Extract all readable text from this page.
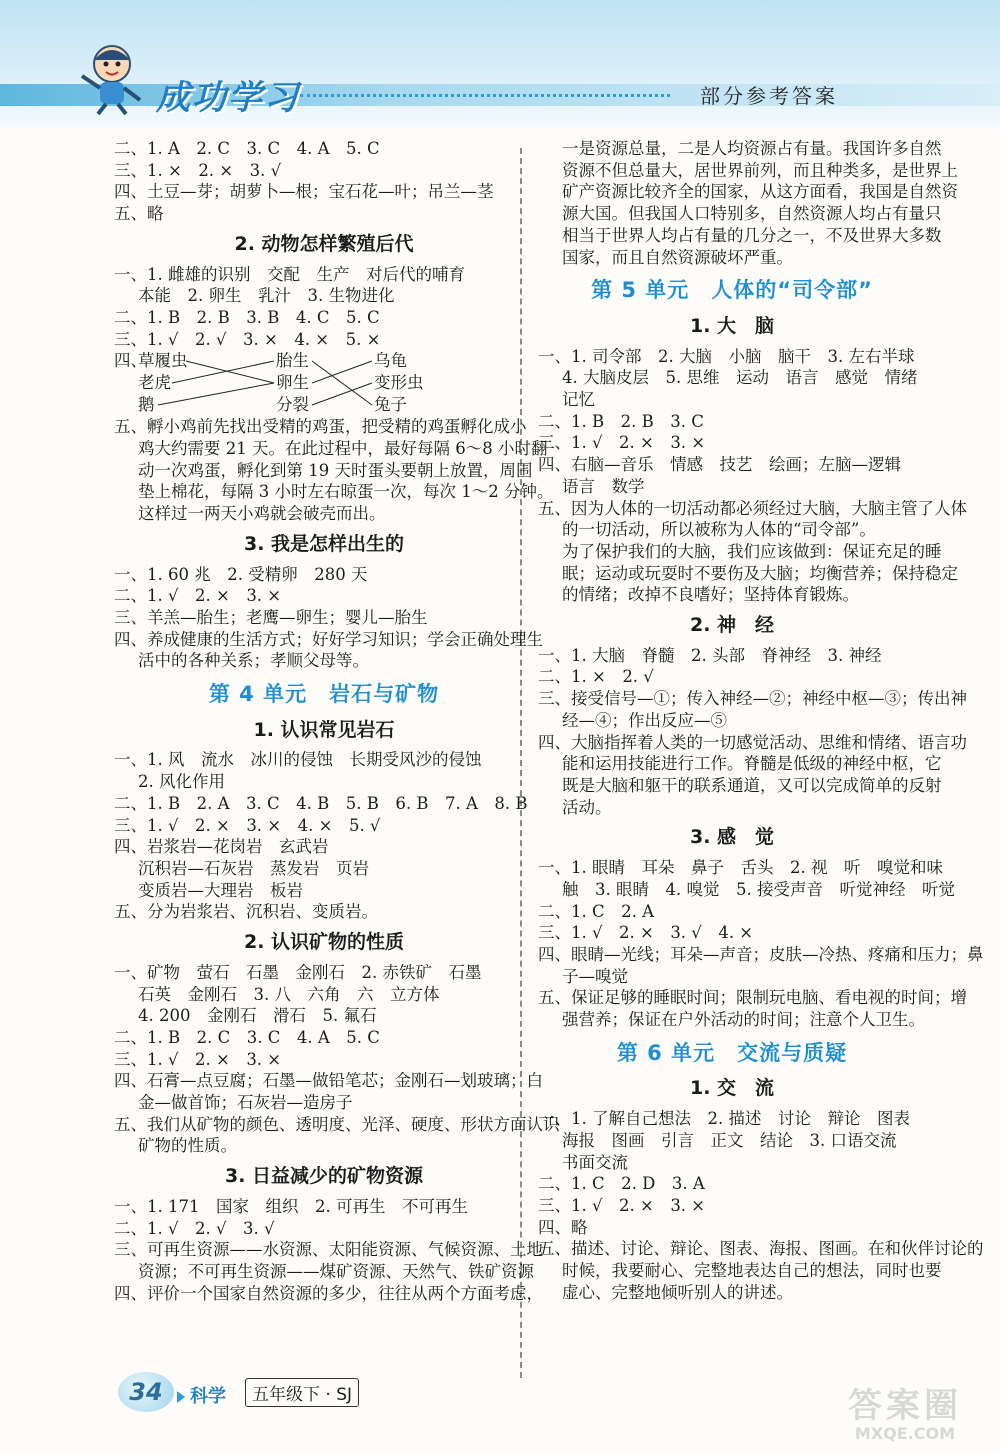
成功学习	部分参考答案
二、1. A　2. C　3. C　4. A　5. C
三、1. ×　2. ×　3. √
四、土豆—芽；胡萝卜—根；宝石花—叶；吊兰—茎
五、略
2. 动物怎样繁殖后代
一、1. 雌雄的识别　交配　生产　对后代的哺育
本能　2. 卵生　乳汁　3. 生物进化
二、1. B　2. B　3. B　4. C　5. C
三、1. √　2. √　3. ×　4. ×　5. ×
四、
草履虫
老虎
鹅
胎生
卵生
分裂
乌龟
变形虫
兔子
五、孵小鸡前先找出受精的鸡蛋，把受精的鸡蛋孵化成小
鸡大约需要 21 天。在此过程中，最好每隔 6～8 小时翻
动一次鸡蛋，孵化到第 19 天时蛋头要朝上放置，周围
垫上棉花，每隔 3 小时左右晾蛋一次，每次 1～2 分钟。
这样过一两天小鸡就会破壳而出。
3. 我是怎样出生的
一、1. 60 兆　2. 受精卵　280 天
二、1. √　2. ×　3. ×
三、羊羔—胎生；老鹰—卵生；婴儿—胎生
四、养成健康的生活方式；好好学习知识；学会正确处理生
活中的各种关系；孝顺父母等。
第 4 单元　岩石与矿物
1. 认识常见岩石
一、1. 风　流水　冰川的侵蚀　长期受风沙的侵蚀
2. 风化作用
二、1. B　2. A　3. C　4. B　5. B　6. B　7. A　8. B
三、1. √　2. ×　3. ×　4. ×　5. √
四、岩浆岩—花岗岩　玄武岩
沉积岩—石灰岩　蒸发岩　页岩
变质岩—大理岩　板岩
五、分为岩浆岩、沉积岩、变质岩。
2. 认识矿物的性质
一、矿物　萤石　石墨　金刚石　2. 赤铁矿　石墨
石英　金刚石　3. 八　六角　六　立方体
4. 200　金刚石　滑石　5. 氟石
二、1. B　2. C　3. C　4. A　5. C
三、1. √　2. ×　3. ×
四、石膏—点豆腐；石墨—做铅笔芯；金刚石—划玻璃；白
金—做首饰；石灰岩—造房子
五、我们从矿物的颜色、透明度、光泽、硬度、形状方面认识
矿物的性质。
3. 日益减少的矿物资源
一、1. 171　国家　组织　2. 可再生　不可再生
二、1. √　2. √　3. √
三、可再生资源——水资源、太阳能资源、气候资源、土地
资源；不可再生资源——煤矿资源、天然气、铁矿资源
四、评价一个国家自然资源的多少，往往从两个方面考虑，
一是资源总量，二是人均资源占有量。我国许多自然
资源不但总量大，居世界前列，而且种类多，是世界上
矿产资源比较齐全的国家，从这方面看，我国是自然资
源大国。但我国人口特别多，自然资源人均占有量只
相当于世界人均占有量的几分之一，不及世界大多数
国家，而且自然资源破坏严重。
第 5 单元　人体的“司令部”
1. 大　脑
一、1. 司令部　2. 大脑　小脑　脑干　3. 左右半球
4. 大脑皮层　5. 思维　运动　语言　感觉　情绪
记忆
二、1. B　2. B　3. C
三、1. √　2. ×　3. ×
四、右脑—音乐　情感　技艺　绘画；左脑—逻辑
语言　数学
五、因为人体的一切活动都必须经过大脑，大脑主管了人体
的一切活动，所以被称为人体的“司令部”。
为了保护我们的大脑，我们应该做到：保证充足的睡
眠；运动或玩耍时不要伤及大脑；均衡营养；保持稳定
的情绪；改掉不良嗜好；坚持体育锻炼。
2. 神　经
一、1. 大脑　脊髓　2. 头部　脊神经　3. 神经
二、1. ×　2. √
三、接受信号—①；传入神经—②；神经中枢—③；传出神
经—④；作出反应—⑤
四、大脑指挥着人类的一切感觉活动、思维和情绪、语言功
能和运用技能进行工作。脊髓是低级的神经中枢，它
既是大脑和躯干的联系通道，又可以完成简单的反射
活动。
3. 感　觉
一、1. 眼睛　耳朵　鼻子　舌头　2. 视　听　嗅觉和味
触　3. 眼睛　4. 嗅觉　5. 接受声音　听觉神经　听觉
二、1. C　2. A
三、1. √　2. ×　3. √　4. ×
四、眼睛—光线；耳朵—声音；皮肤—冷热、疼痛和压力；鼻
子—嗅觉
五、保证足够的睡眠时间；限制玩电脑、看电视的时间；增
强营养；保证在户外活动的时间；注意个人卫生。
第 6 单元　交流与质疑
1. 交　流
一、1. 了解自己想法　2. 描述　讨论　辩论　图表
海报　图画　引言　正文　结论　3. 口语交流
书面交流
二、1. C　2. D　3. A
三、1. √　2. ×　3. ×
四、略
五、描述、讨论、辩论、图表、海报、图画。在和伙伴讨论的
时候，我要耐心、完整地表达自己的想法，同时也要
虚心、完整地倾听别人的讲述。
34	科学	五年级下 · SJ	答案圈
MXQE.COM
